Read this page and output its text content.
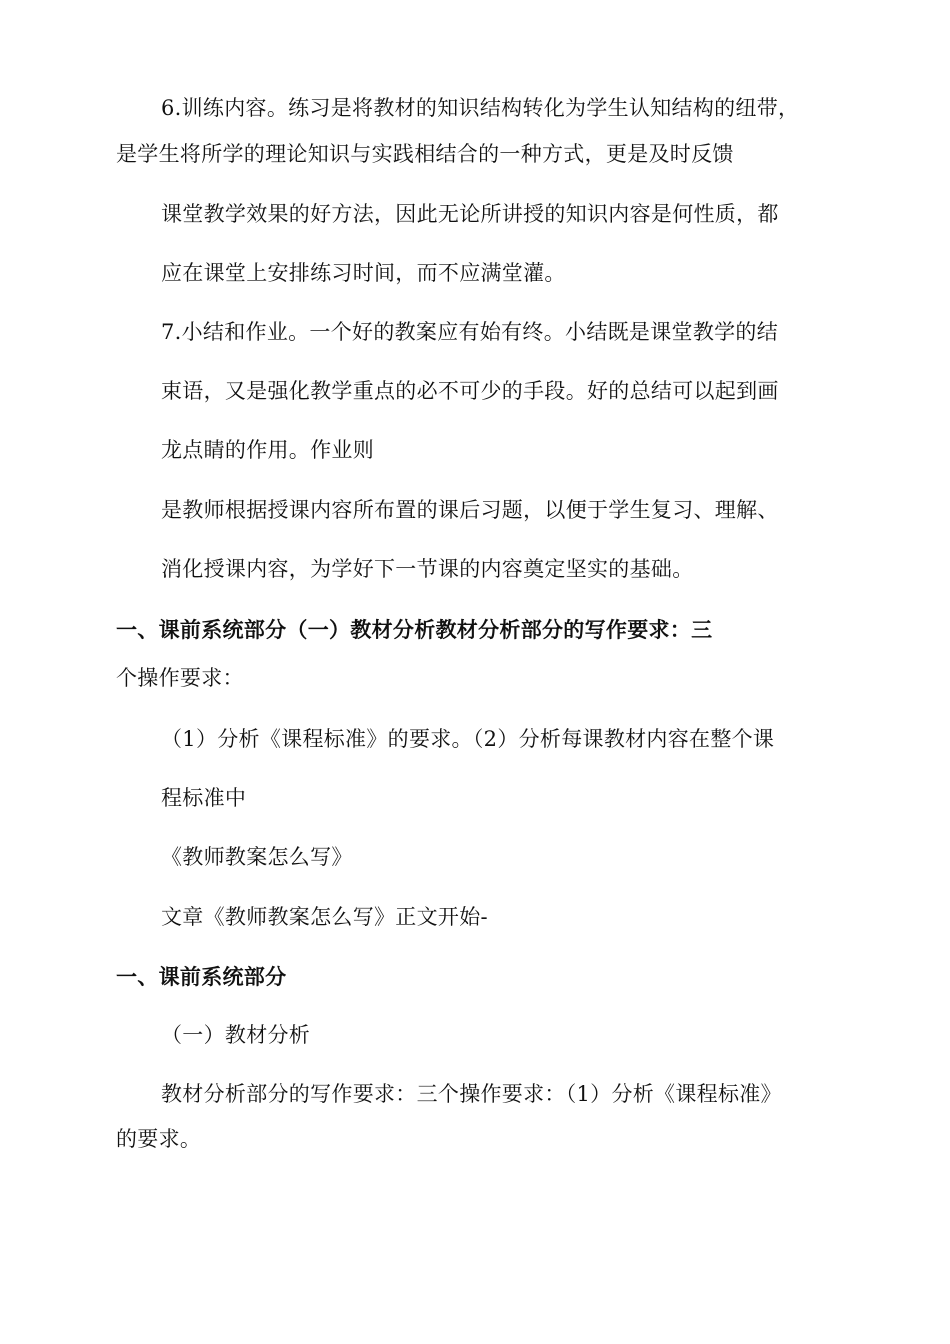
6.训练内容。练习是将教材的知识结构转化为学生认知结构的纽带，
是学生将所学的理论知识与实践相结合的一种方式，更是及时反馈
课堂教学效果的好方法，因此无论所讲授的知识内容是何性质，都
应在课堂上安排练习时间，而不应满堂灌。
7.小结和作业。一个好的教案应有始有终。小结既是课堂教学的结
束语，又是强化教学重点的必不可少的手段。好的总结可以起到画
龙点睛的作用。作业则
是教师根据授课内容所布置的课后习题，以便于学生复习、理解、
消化授课内容，为学好下一节课的内容奠定坚实的基础。
一、课前系统部分（一）教材分析教材分析部分的写作要求：三
个操作要求：
（1）分析《课程标准》的要求。（2）分析每课教材内容在整个课
程标准中
《教师教案怎么写》
文章《教师教案怎么写》正文开始-
一、课前系统部分
（一）教材分析
教材分析部分的写作要求：三个操作要求：（1）分析《课程标准》
的要求。
